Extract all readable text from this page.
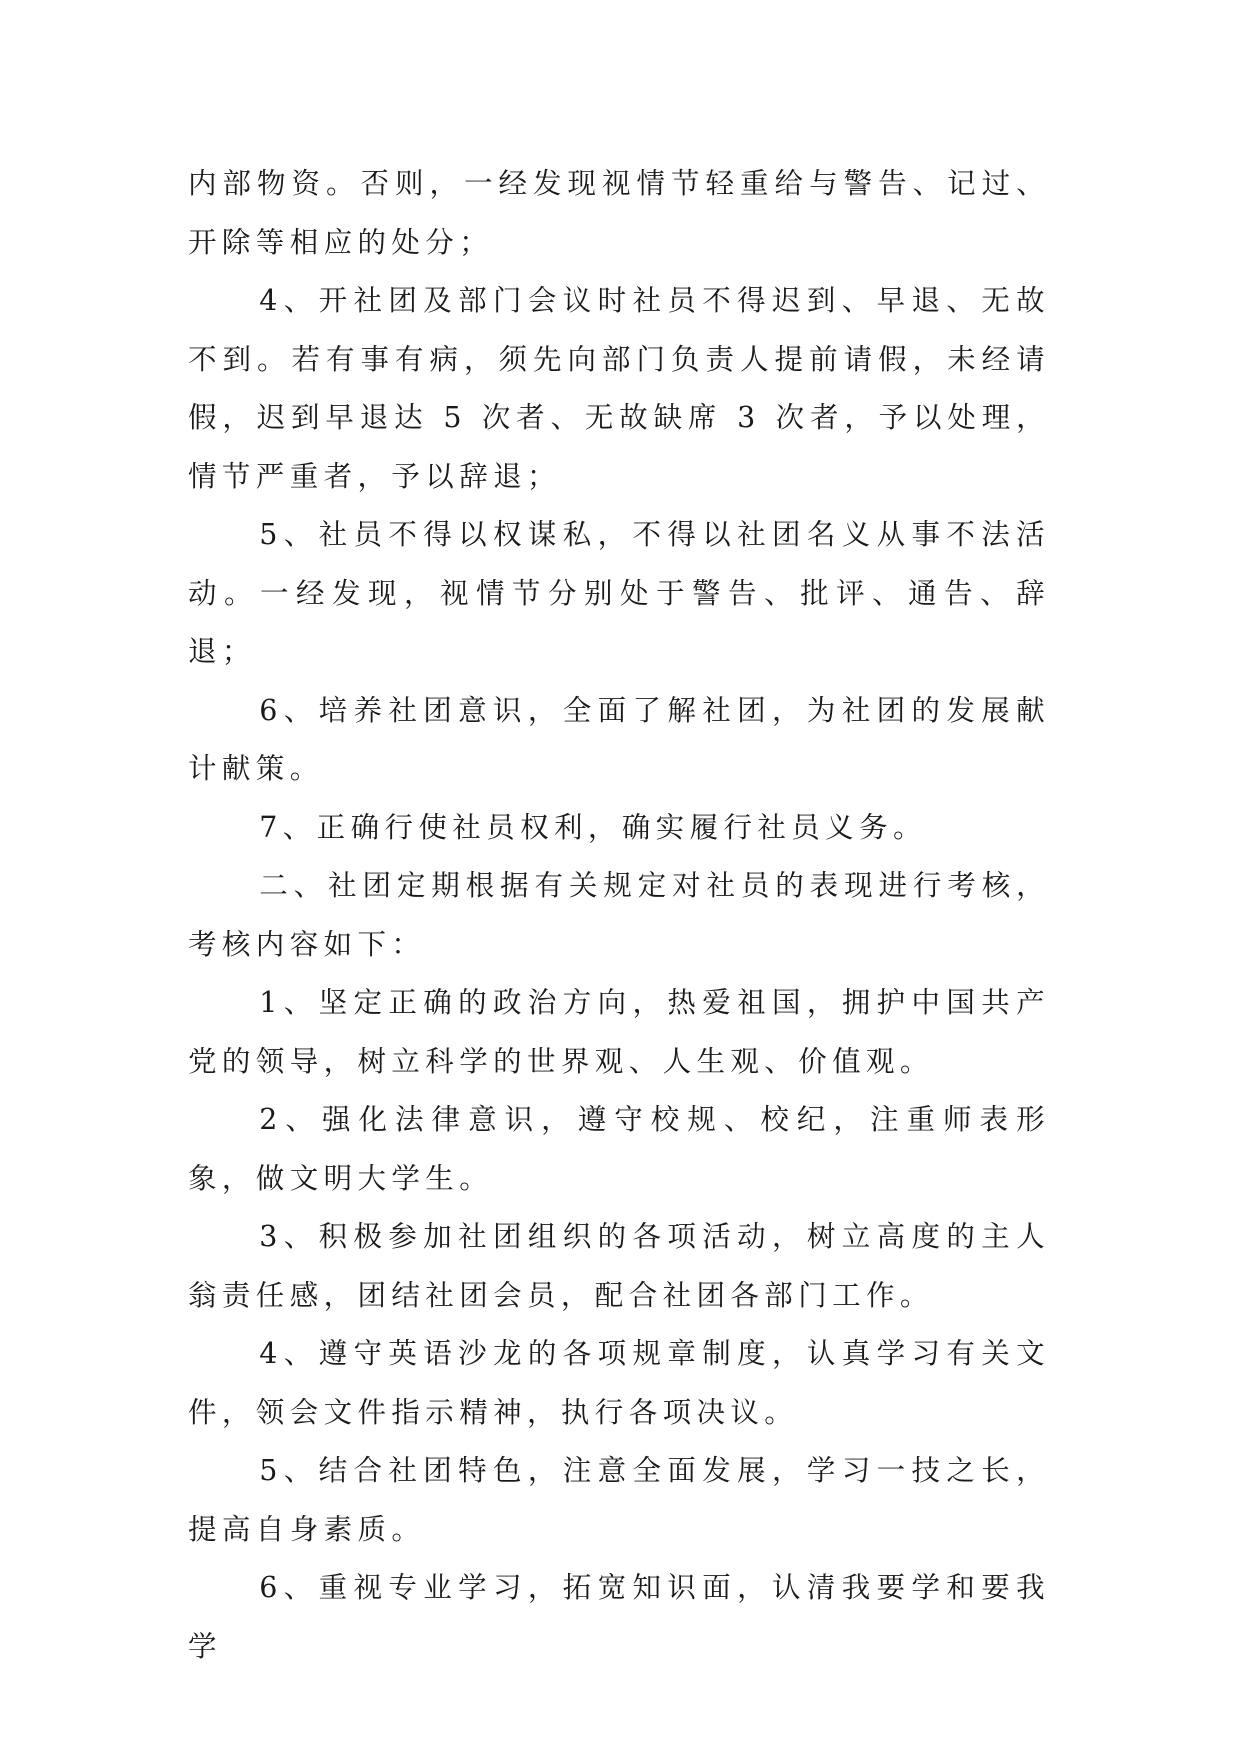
内部物资。否则，一经发现视情节轻重给与警告、记过、开除等相应的处分；

4、开社团及部门会议时社员不得迟到、早退、无故不到。若有事有病，须先向部门负责人提前请假，未经请假，迟到早退达 5 次者、无故缺席 3 次者，予以处理，情节严重者，予以辞退；

5、社员不得以权谋私，不得以社团名义从事不法活动。一经发现，视情节分别处于警告、批评、通告、辞退；

6、培养社团意识，全面了解社团，为社团的发展献计献策。

7、正确行使社员权利，确实履行社员义务。

二、社团定期根据有关规定对社员的表现进行考核，考核内容如下：

1、坚定正确的政治方向，热爱祖国，拥护中国共产党的领导，树立科学的世界观、人生观、价值观。

2、强化法律意识，遵守校规、校纪，注重师表形象，做文明大学生。

3、积极参加社团组织的各项活动，树立高度的主人翁责任感，团结社团会员，配合社团各部门工作。

4、遵守英语沙龙的各项规章制度，认真学习有关文件，领会文件指示精神，执行各项决议。

5、结合社团特色，注意全面发展，学习一技之长，提高自身素质。

6、重视专业学习，拓宽知识面，认清我要学和要我学
